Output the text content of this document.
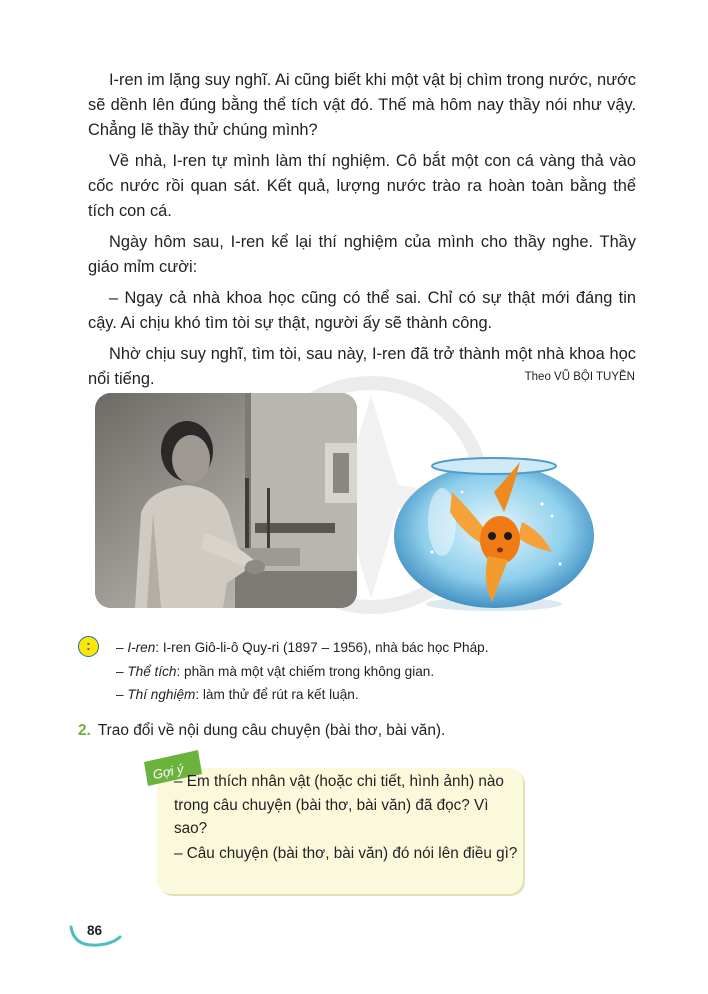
I-ren im lặng suy nghĩ. Ai cũng biết khi một vật bị chìm trong nước, nước sẽ dềnh lên đúng bằng thể tích vật đó. Thế mà hôm nay thầy nói như vậy. Chẳng lẽ thầy thử chúng mình?

Về nhà, I-ren tự mình làm thí nghiệm. Cô bắt một con cá vàng thả vào cốc nước rồi quan sát. Kết quả, lượng nước trào ra hoàn toàn bằng thể tích con cá.

Ngày hôm sau, I-ren kể lại thí nghiệm của mình cho thầy nghe. Thầy giáo mỉm cười:

– Ngay cả nhà khoa học cũng có thể sai. Chỉ có sự thật mới đáng tin cậy. Ai chịu khó tìm tòi sự thật, người ấy sẽ thành công.

Nhờ chịu suy nghĩ, tìm tòi, sau này, I-ren đã trở thành một nhà khoa học nổi tiếng.	Theo VŨ BỘI TUYỀN
:	– I-ren: I-ren Giô-li-ô Quy-ri (1897 – 1956), nhà bác học Pháp.
– Thể tích: phần mà một vật chiếm trong không gian.
– Thí nghiệm: làm thử để rút ra kết luận.
2. Trao đổi về nội dung câu chuyện (bài thơ, bài văn).
Gợi ý

– Em thích nhân vật (hoặc chi tiết, hình ảnh) nào trong câu chuyện (bài thơ, bài văn) đã đọc? Vì sao?

– Câu chuyện (bài thơ, bài văn) đó nói lên điều gì?

86
